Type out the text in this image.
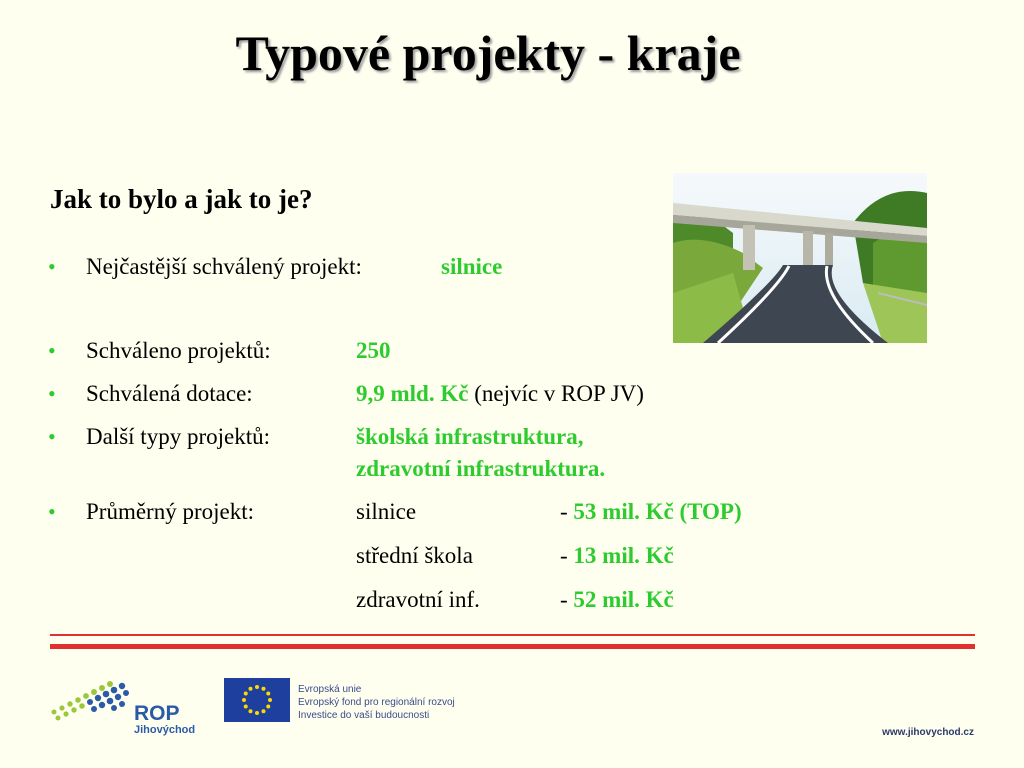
Typové projekty - kraje
Jak to bylo a jak to je?
• Nejčastější schválený projekt:	silnice
• Schváleno projektů:	250
• Schválená dotace:	9,9 mld. Kč (nejvíc v ROP JV)
• Další typy projektů:	školská infrastruktura,
zdravotní infrastruktura.
• Průměrný projekt:	silnice	- 53 mil. Kč (TOP)
střední škola	- 13 mil. Kč
zdravotní inf.	- 52 mil. Kč
ROP
Jihovýchod
Evropská unie
Evropský fond pro regionální rozvoj
Investice do vaší budoucnosti
www.jihovychod.cz
